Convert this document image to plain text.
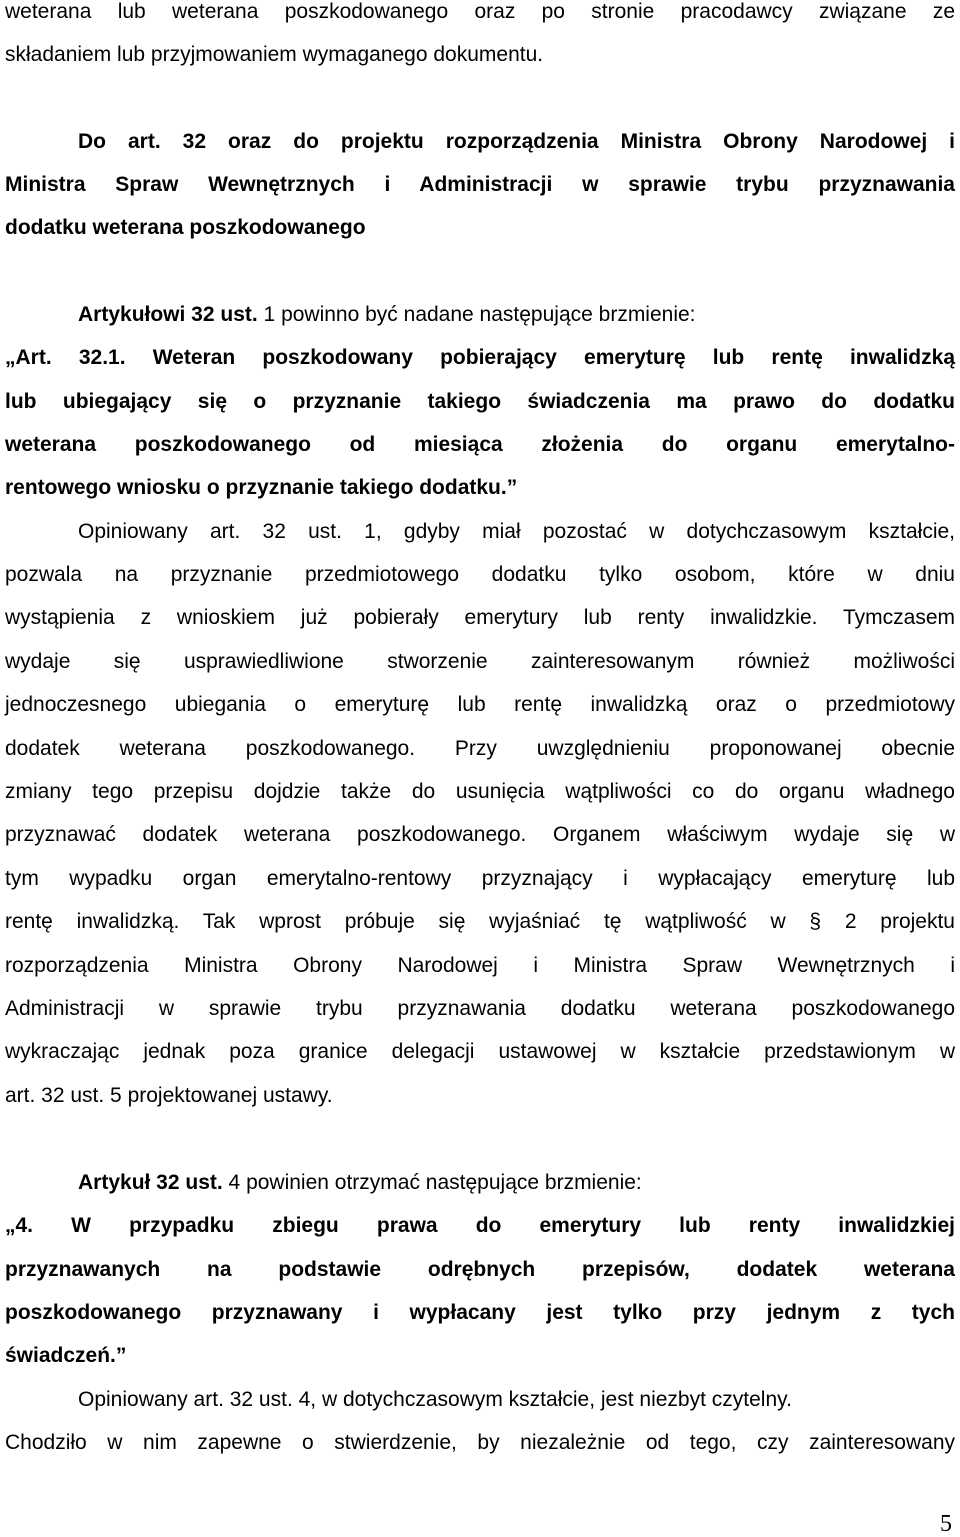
weterana lub weterana poszkodowanego oraz po stronie pracodawcy związane ze
składaniem lub przyjmowaniem wymaganego dokumentu.
Do art. 32 oraz do projektu rozporządzenia Ministra Obrony Narodowej i
Ministra Spraw Wewnętrznych i Administracji w sprawie trybu przyznawania
dodatku weterana poszkodowanego
Artykułowi 32 ust. 1 powinno być nadane następujące brzmienie:
„Art. 32.1. Weteran poszkodowany pobierający emeryturę lub rentę inwalidzką
lub ubiegający się o przyznanie takiego świadczenia ma prawo do dodatku
weterana poszkodowanego od miesiąca złożenia do organu emerytalno-
rentowego wniosku o przyznanie takiego dodatku.”
Opiniowany art. 32 ust. 1, gdyby miał pozostać w dotychczasowym kształcie,
pozwala na przyznanie przedmiotowego dodatku tylko osobom, które w dniu
wystąpienia z wnioskiem już pobierały emerytury lub renty inwalidzkie. Tymczasem
wydaje się usprawiedliwione stworzenie zainteresowanym również możliwości
jednoczesnego ubiegania o emeryturę lub rentę inwalidzką oraz o przedmiotowy
dodatek weterana poszkodowanego. Przy uwzględnieniu proponowanej obecnie
zmiany tego przepisu dojdzie także do usunięcia wątpliwości co do organu władnego
przyznawać dodatek weterana poszkodowanego. Organem właściwym wydaje się w
tym wypadku organ emerytalno-rentowy przyznający i wypłacający emeryturę lub
rentę inwalidzką. Tak wprost próbuje się wyjaśniać tę wątpliwość w § 2 projektu
rozporządzenia Ministra Obrony Narodowej i Ministra Spraw Wewnętrznych i
Administracji w sprawie trybu przyznawania dodatku weterana poszkodowanego
wykraczając jednak poza granice delegacji ustawowej w kształcie przedstawionym w
art. 32 ust. 5 projektowanej ustawy.
Artykuł 32 ust. 4 powinien otrzymać następujące brzmienie:
„4. W przypadku zbiegu prawa do emerytury lub renty inwalidzkiej
przyznawanych na podstawie odrębnych przepisów, dodatek weterana
poszkodowanego przyznawany i wypłacany jest tylko przy jednym z tych
świadczeń.”
Opiniowany art. 32 ust. 4, w dotychczasowym kształcie, jest niezbyt czytelny.
Chodziło w nim zapewne o stwierdzenie, by niezależnie od tego, czy zainteresowany
5
